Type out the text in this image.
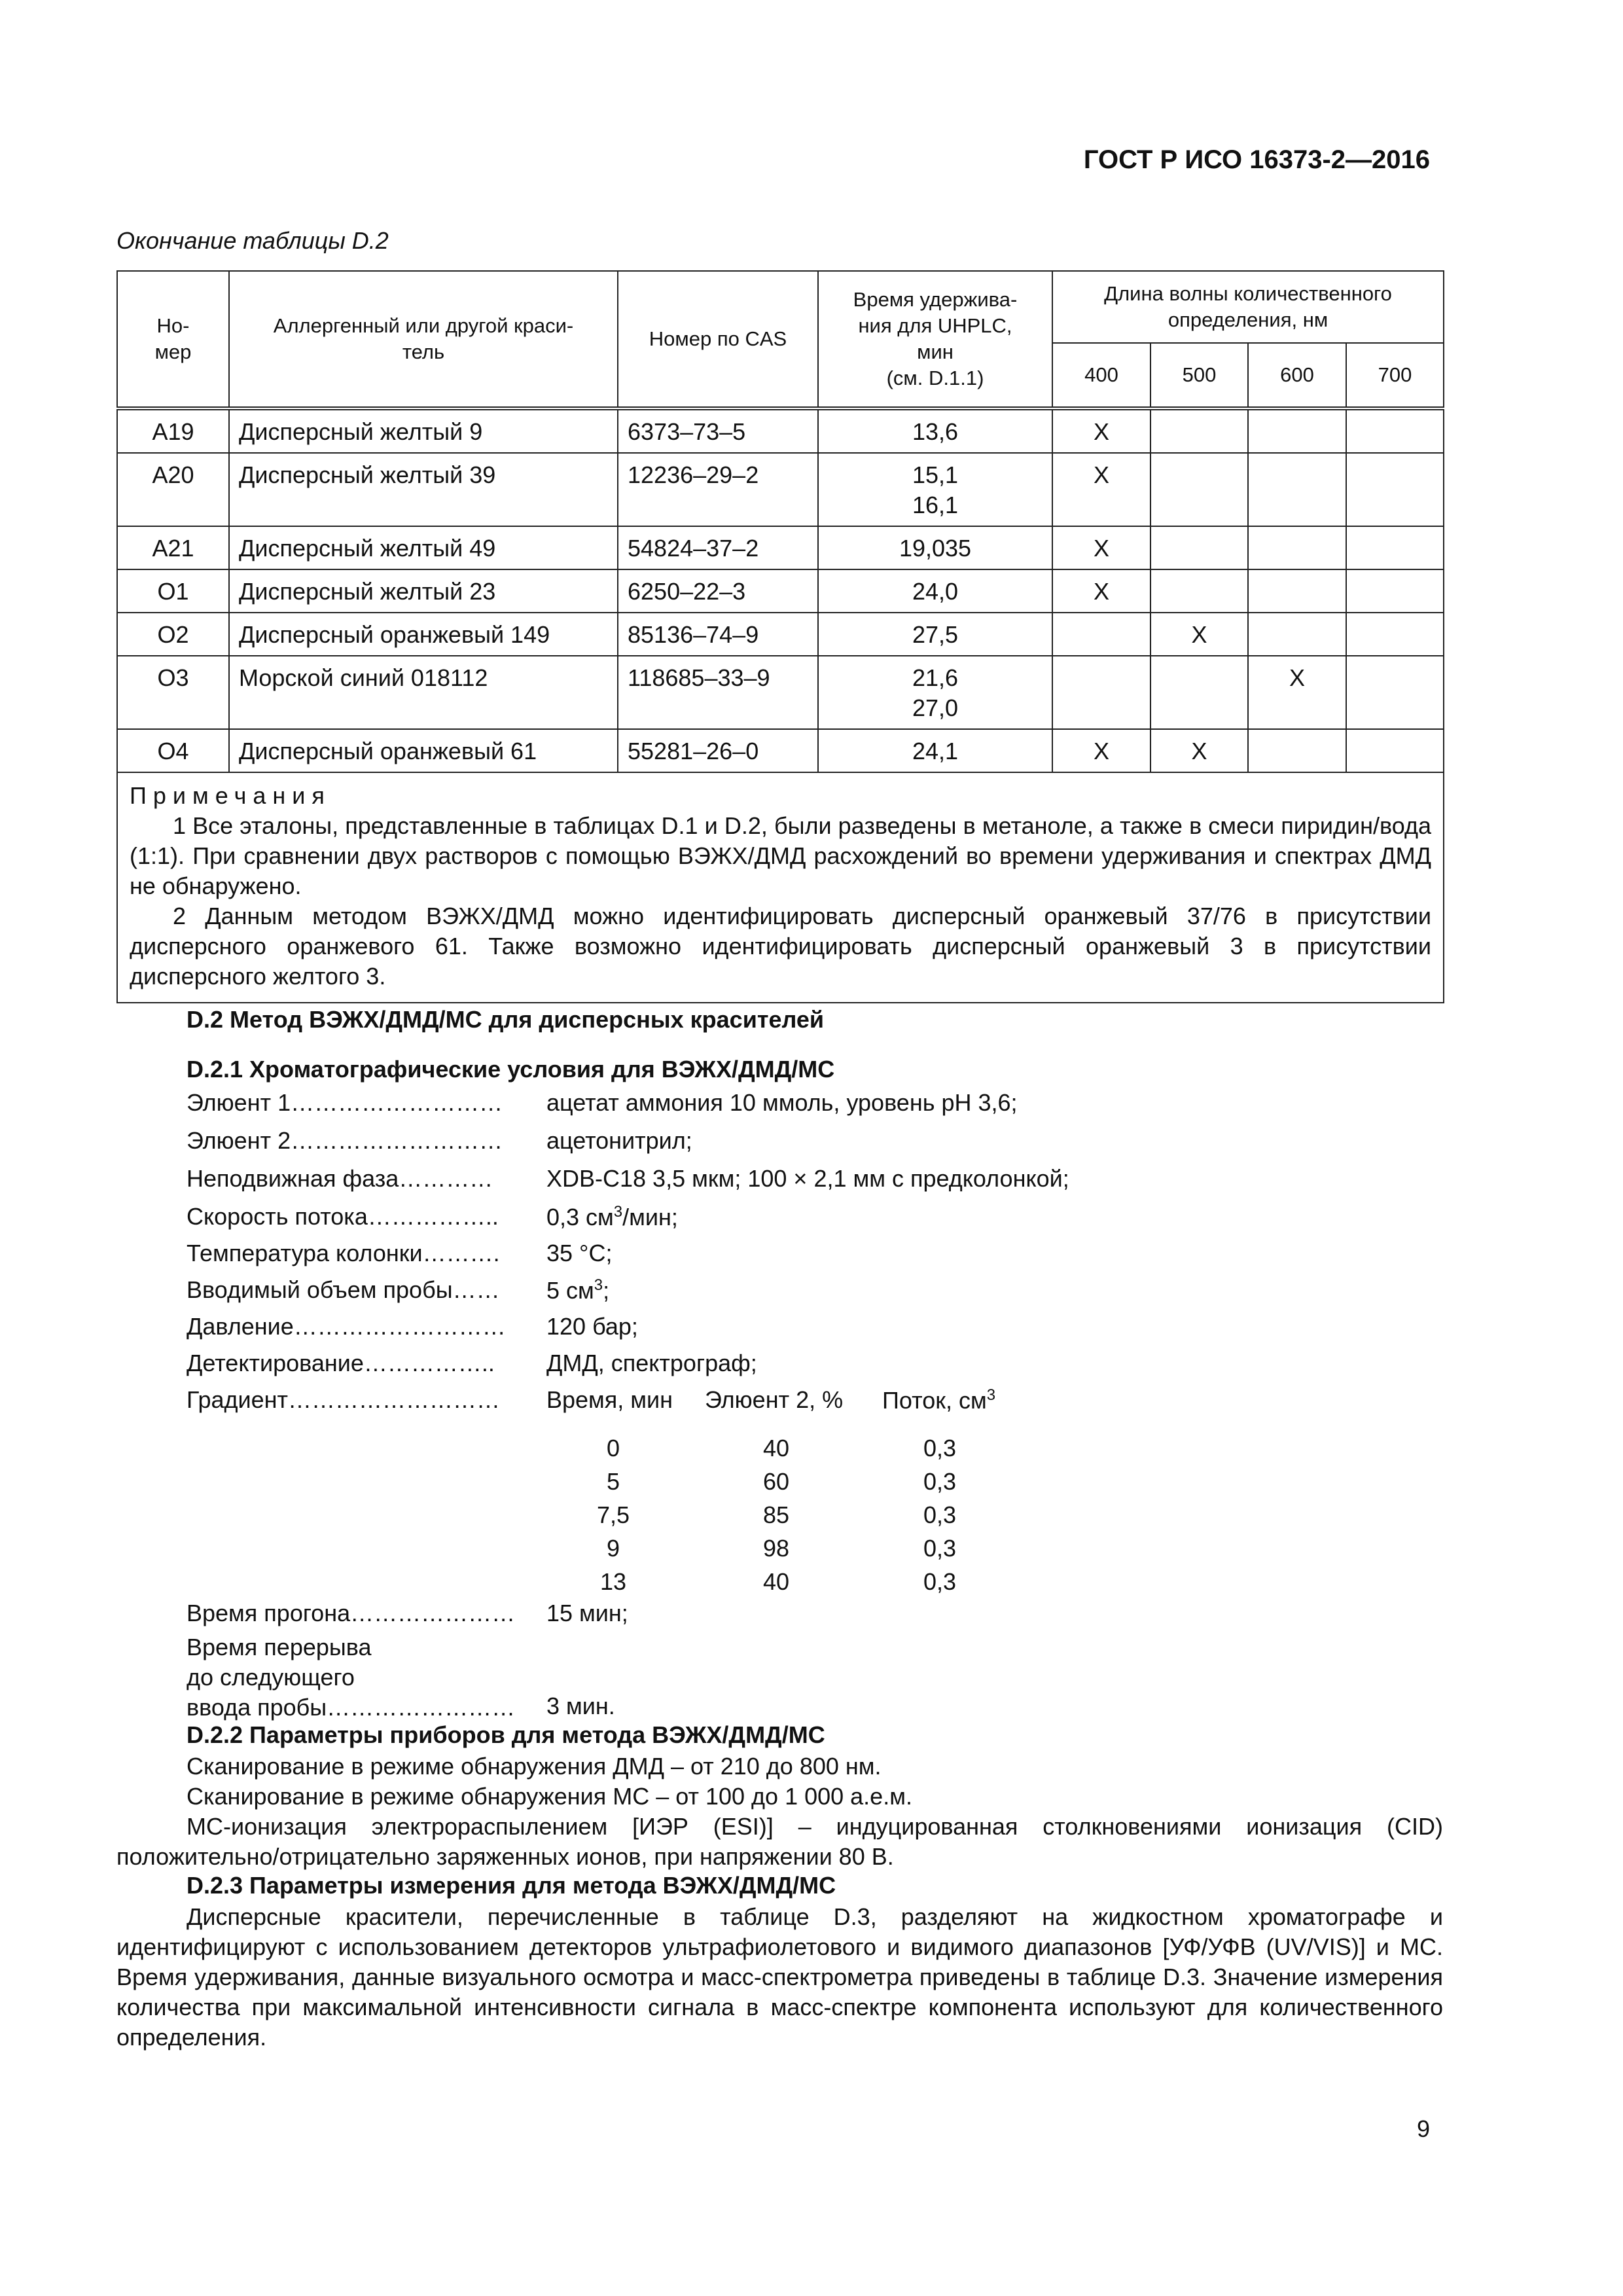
ГОСТ Р ИСО 16373-2—2016
Окончание таблицы D.2
Но-
мер	Аллергенный или другой краси-
тель	Номер по CAS	Время удержива-
ния для UHPLC,
мин
(см. D.1.1)	Длина волны количественного
определения, нм			
				400	500	600	700
A19	Дисперсный желтый 9	6373–73–5	13,6	X			
A20	Дисперсный желтый 39	12236–29–2	15,1
16,1	X			
A21	Дисперсный желтый 49	54824–37–2	19,035	X			
O1	Дисперсный желтый 23	6250–22–3	24,0	X			
O2	Дисперсный оранжевый 149	85136–74–9	27,5		X		
O3	Морской синий 018112	118685–33–9	21,6
27,0			X	
O4	Дисперсный оранжевый 61	55281–26–0	24,1	X	X		

Примечания
1 Все эталоны, представленные в таблицах D.1 и D.2, были разведены в метаноле, а также в смеси пиридин/вода (1:1). При сравнении двух растворов с помощью ВЭЖХ/ДМД расхождений во времени удерживания и спектрах ДМД не обнаружено.
2 Данным методом ВЭЖХ/ДМД можно идентифицировать дисперсный оранжевый 37/76 в присутствии дисперсного оранжевого 61. Также возможно идентифицировать дисперсный оранжевый 3 в присутствии дисперсного желтого 3.							
D.2 Метод ВЭЖХ/ДМД/МС для дисперсных красителей
D.2.1 Хроматографические условия для ВЭЖХ/ДМД/МС
Элюент 1……………………… ацетат аммония 10 ммоль, уровень pH 3,6;
Элюент 2……………………… ацетонитрил;
Неподвижная фаза………… XDB-C18 3,5 мкм; 100 × 2,1 мм с предколонкой;
Скорость потока…………….. 0,3 $см^3$/мин;
Температура колонки………. 35 °C;
Вводимый объем пробы…… 5 $см^3$;
Давление……………………… 120 бар;
Детектирование…………….. ДМД, спектрограф;
Градиент……………………… Время, мин Элюент 2, % Поток, $см^3$
0	40	0,3
5	60	0,3
7,5	85	0,3
9	98	0,3
13	40	0,3
Время прогона………………… 15 мин;
Время перерыва
до следующего
ввода пробы…………………… 3 мин.
D.2.2 Параметры приборов для метода ВЭЖХ/ДМД/МС
Сканирование в режиме обнаружения ДМД – от 210 до 800 нм.
Сканирование в режиме обнаружения МС – от 100 до 1 000 а.е.м.
МС-ионизация электрораспылением [ИЭР (ESI)] – индуцированная столкновениями ионизация (CID) положительно/отрицательно заряженных ионов, при напряжении 80 В.
D.2.3 Параметры измерения для метода ВЭЖХ/ДМД/МС
Дисперсные красители, перечисленные в таблице D.3, разделяют на жидкостном хроматографе и идентифицируют с использованием детекторов ультрафиолетового и видимого диапазонов [УФ/УФВ (UV/VIS)] и МС. Время удерживания, данные визуального осмотра и масс-спектрометра приведены в таблице D.3. Значение измерения количества при максимальной интенсивности сигнала в масс-спектре компонента используют для количественного определения.
9
